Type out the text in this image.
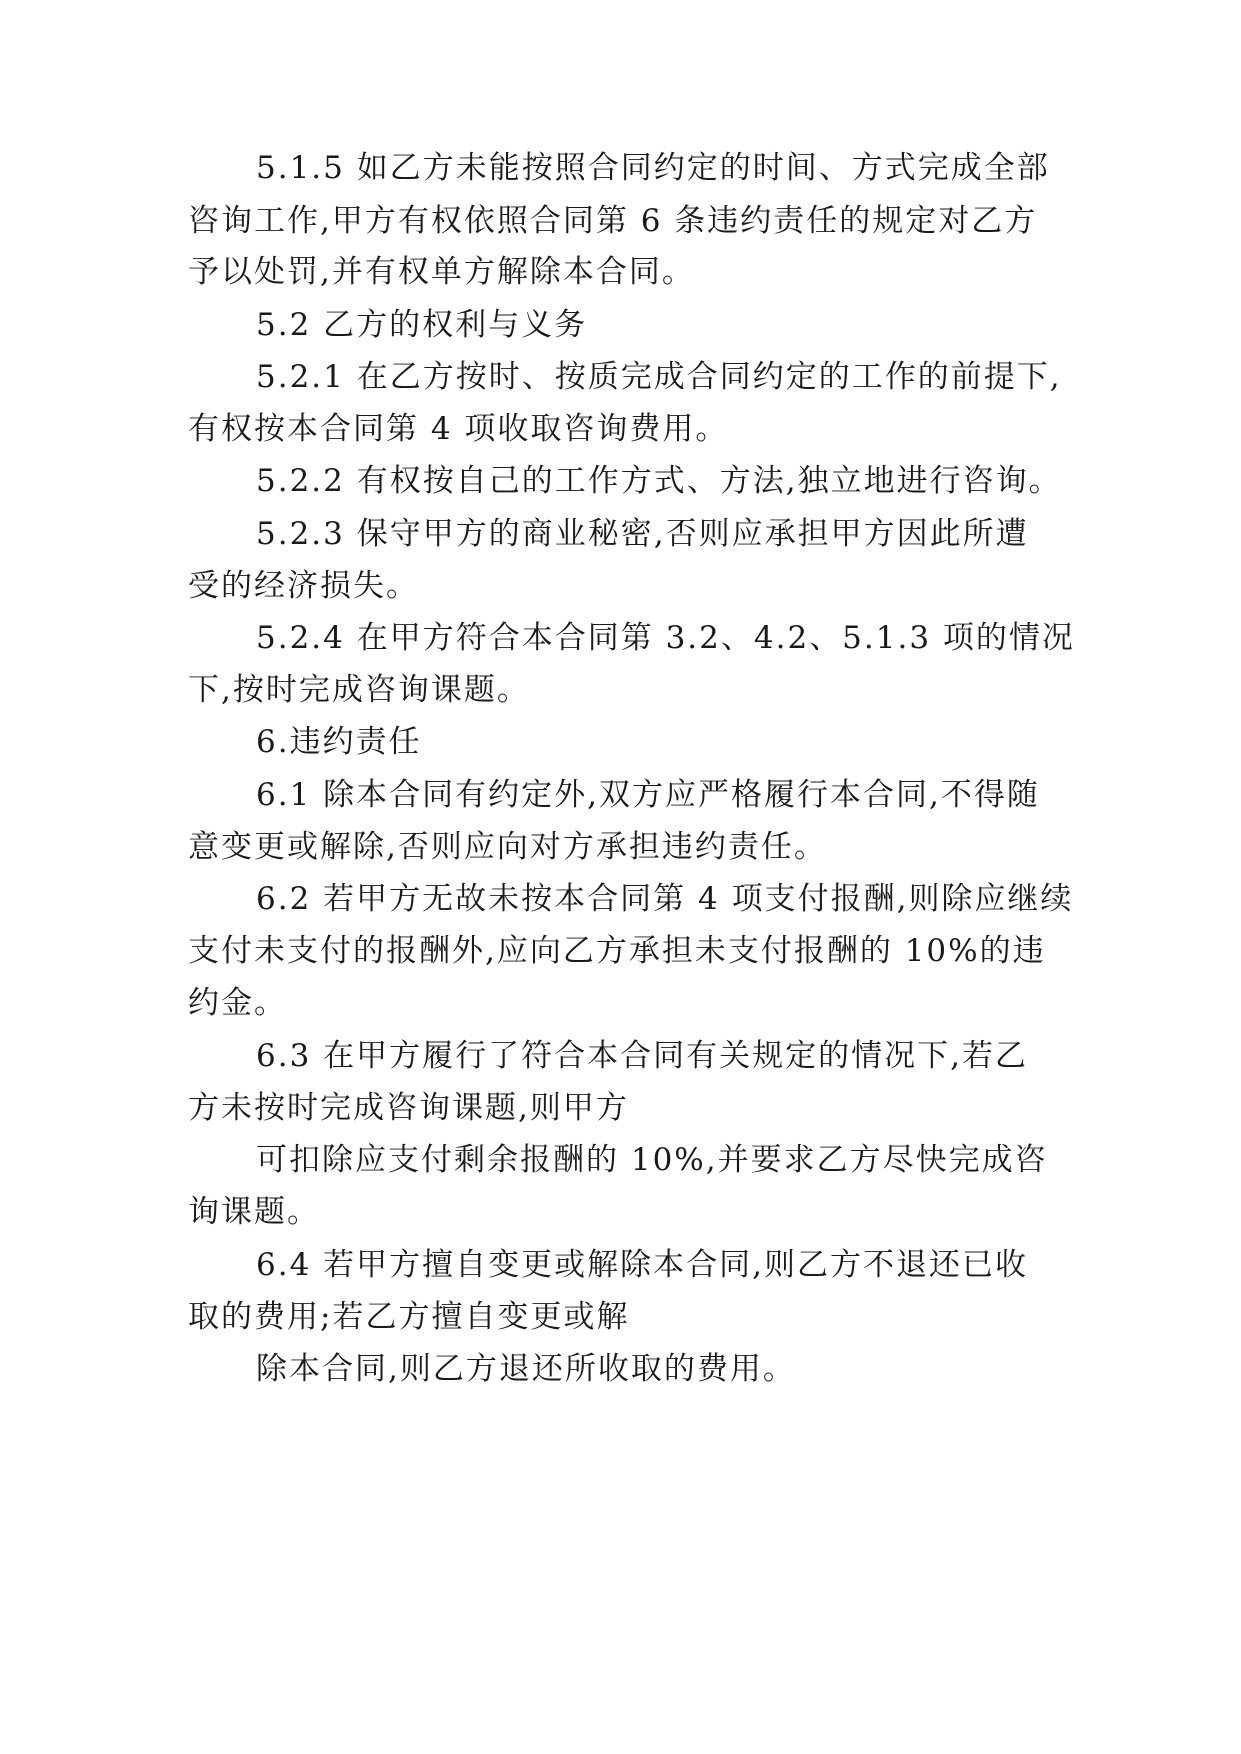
5.1.5 如乙方未能按照合同约定的时间、方式完成全部
咨询工作,甲方有权依照合同第 6 条违约责任的规定对乙方
予以处罚,并有权单方解除本合同。
5.2 乙方的权利与义务
5.2.1 在乙方按时、按质完成合同约定的工作的前提下,
有权按本合同第 4 项收取咨询费用。
5.2.2 有权按自己的工作方式、方法,独立地进行咨询。
5.2.3 保守甲方的商业秘密,否则应承担甲方因此所遭
受的经济损失。
5.2.4 在甲方符合本合同第 3.2、4.2、5.1.3 项的情况
下,按时完成咨询课题。
6.违约责任
6.1 除本合同有约定外,双方应严格履行本合同,不得随
意变更或解除,否则应向对方承担违约责任。
6.2 若甲方无故未按本合同第 4 项支付报酬,则除应继续
支付未支付的报酬外,应向乙方承担未支付报酬的 10%的违
约金。
6.3 在甲方履行了符合本合同有关规定的情况下,若乙
方未按时完成咨询课题,则甲方
可扣除应支付剩余报酬的 10%,并要求乙方尽快完成咨
询课题。
6.4 若甲方擅自变更或解除本合同,则乙方不退还已收
取的费用;若乙方擅自变更或解
除本合同,则乙方退还所收取的费用。
